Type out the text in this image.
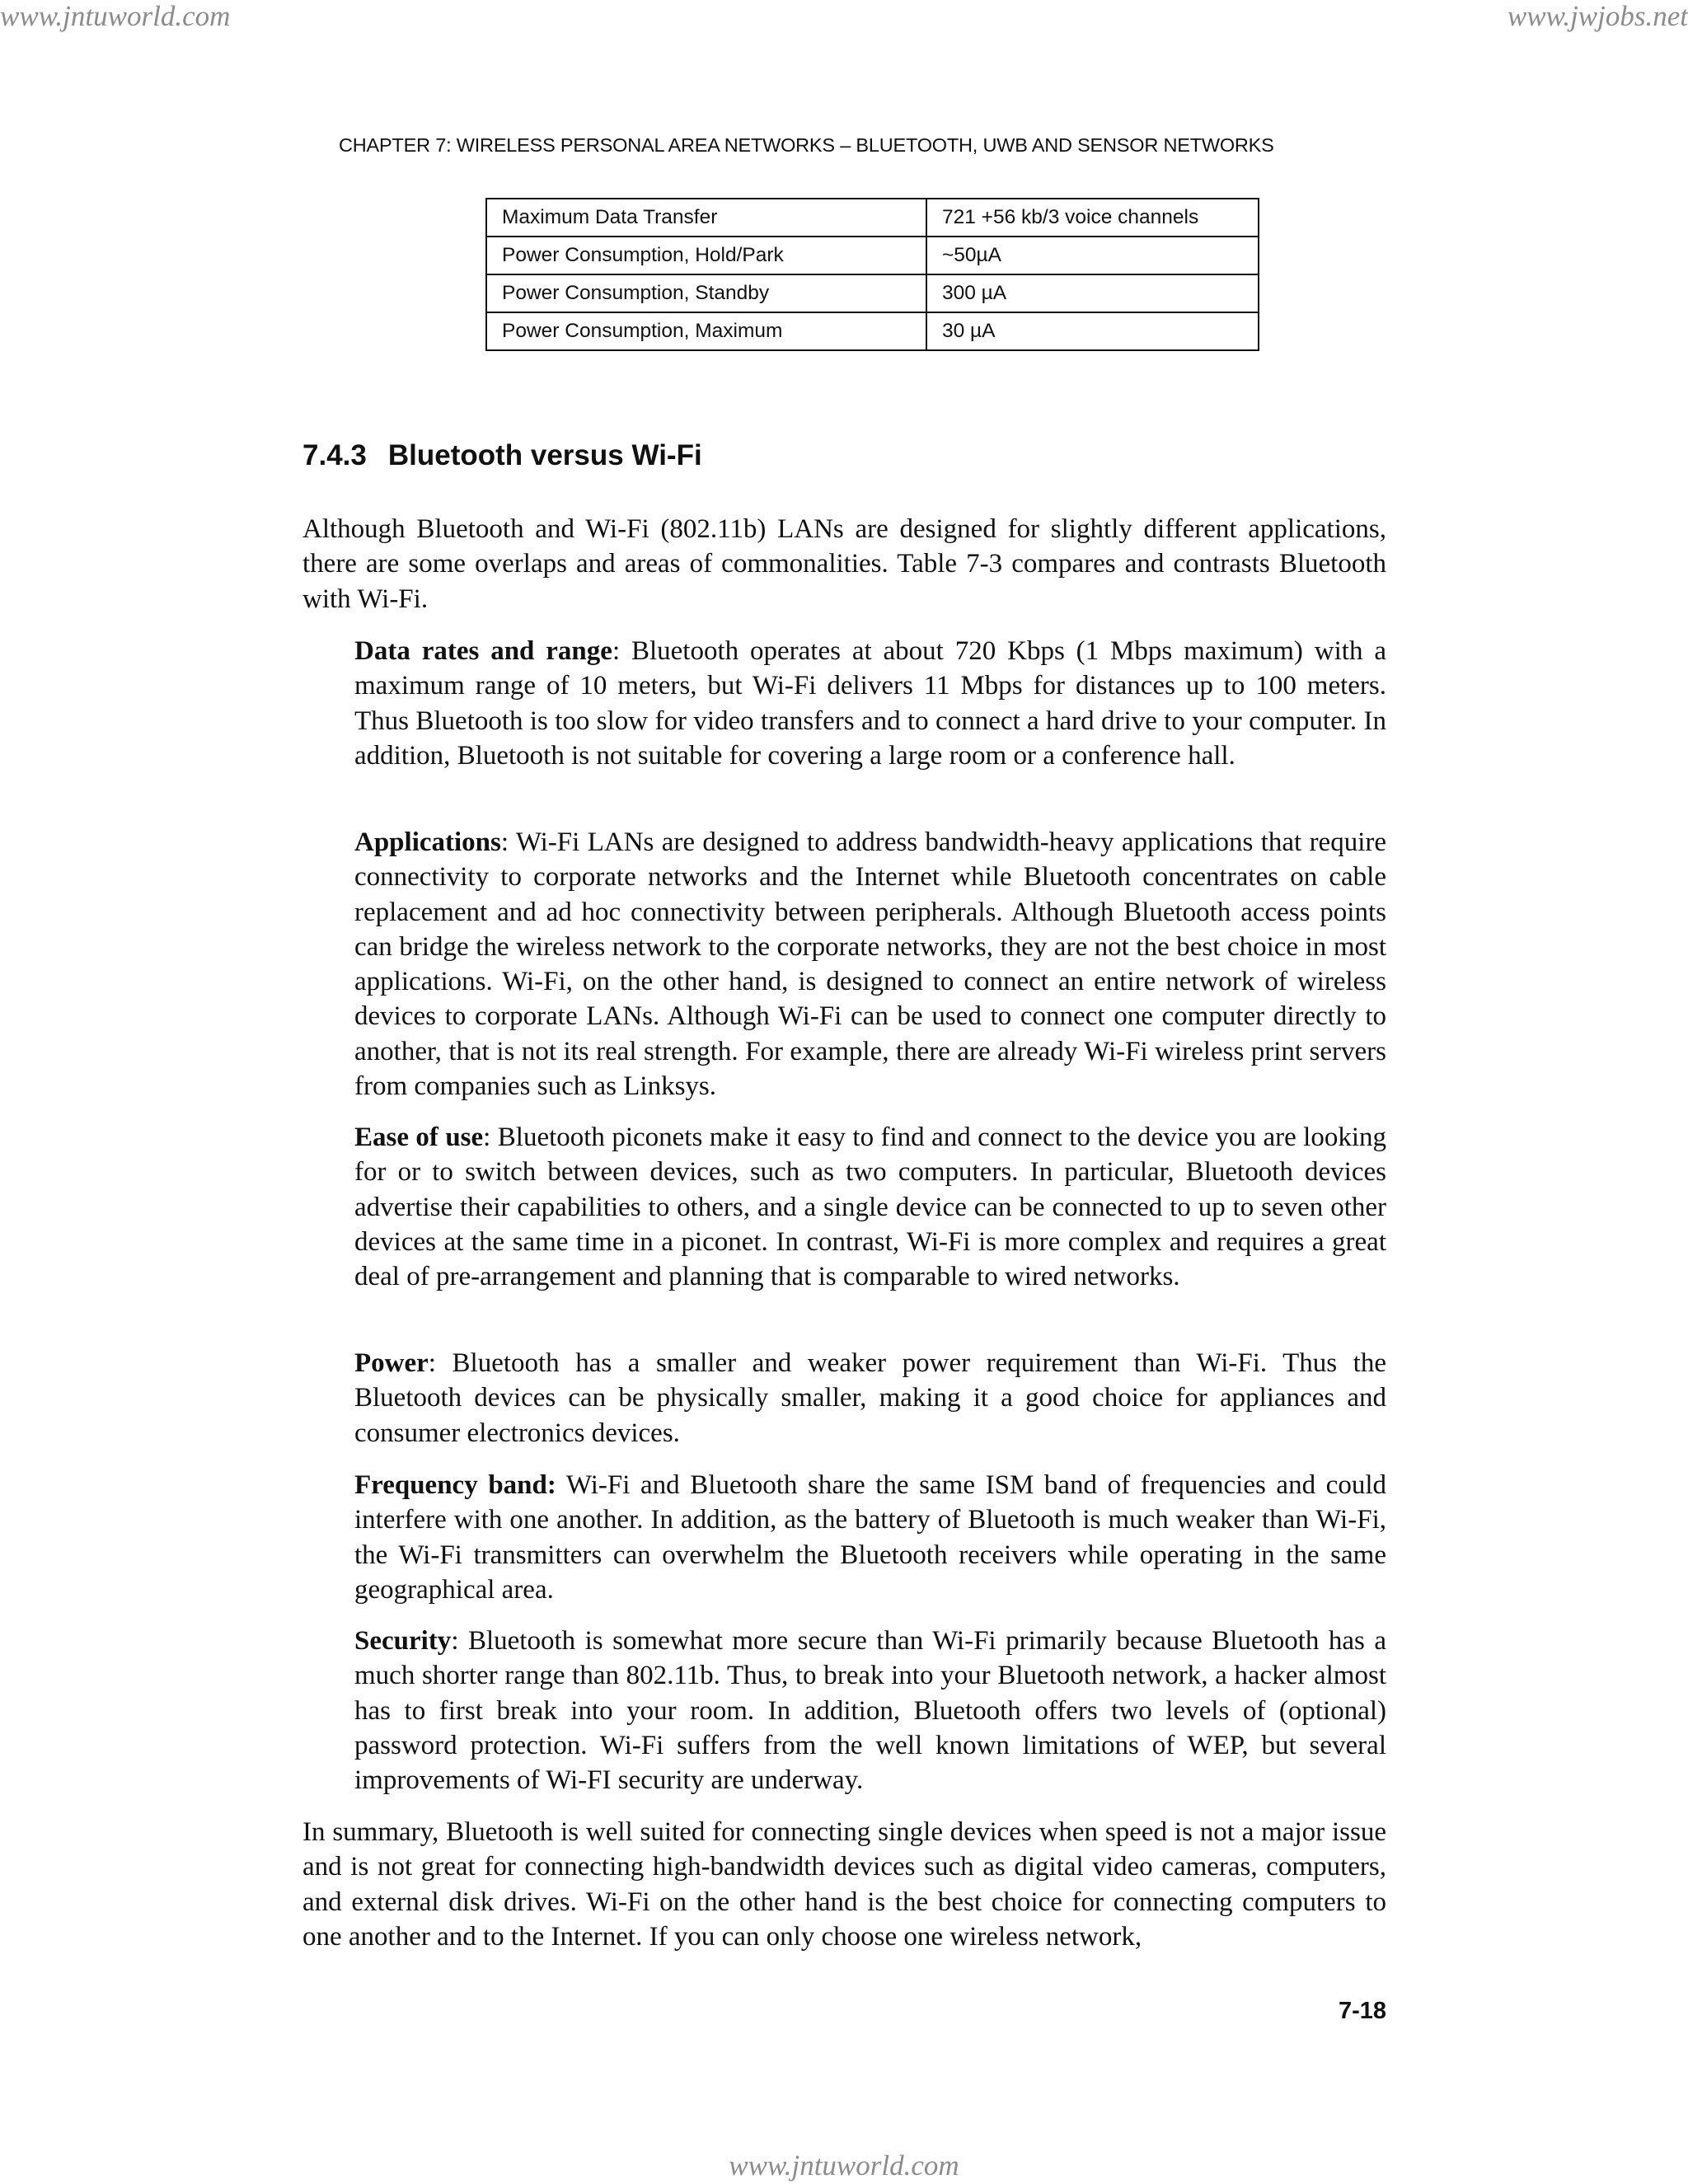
www.jntuworld.com	www.jwjobs.net
CHAPTER 7: WIRELESS PERSONAL AREA NETWORKS – BLUETOOTH, UWB AND SENSOR NETWORKS
Maximum Data Transfer	721 +56 kb/3 voice channels
Power Consumption, Hold/Park	~50µA
Power Consumption, Standby	300 µA
Power Consumption, Maximum	30 µA
7.4.3 Bluetooth versus Wi-Fi

Although Bluetooth and Wi-Fi (802.11b) LANs are designed for slightly different applications, there are some overlaps and areas of commonalities. Table 7-3 compares and contrasts Bluetooth with Wi-Fi.

Data rates and range: Bluetooth operates at about 720 Kbps (1 Mbps maximum) with a maximum range of 10 meters, but Wi-Fi delivers 11 Mbps for distances up to 100 meters. Thus Bluetooth is too slow for video transfers and to connect a hard drive to your computer. In addition, Bluetooth is not suitable for covering a large room or a conference hall.

Applications: Wi-Fi LANs are designed to address bandwidth-heavy applications that require connectivity to corporate networks and the Internet while Bluetooth concentrates on cable replacement and ad hoc connectivity between peripherals. Although Bluetooth access points can bridge the wireless network to the corporate networks, they are not the best choice in most applications. Wi-Fi, on the other hand, is designed to connect an entire network of wireless devices to corporate LANs. Although Wi-Fi can be used to connect one computer directly to another, that is not its real strength. For example, there are already Wi-Fi wireless print servers from companies such as Linksys.

Ease of use: Bluetooth piconets make it easy to find and connect to the device you are looking for or to switch between devices, such as two computers. In particular, Bluetooth devices advertise their capabilities to others, and a single device can be connected to up to seven other devices at the same time in a piconet. In contrast, Wi-Fi is more complex and requires a great deal of pre-arrangement and planning that is comparable to wired networks.

Power: Bluetooth has a smaller and weaker power requirement than Wi-Fi. Thus the Bluetooth devices can be physically smaller, making it a good choice for appliances and consumer electronics devices.

Frequency band: Wi-Fi and Bluetooth share the same ISM band of frequencies and could interfere with one another. In addition, as the battery of Bluetooth is much weaker than Wi-Fi, the Wi-Fi transmitters can overwhelm the Bluetooth receivers while operating in the same geographical area.

Security: Bluetooth is somewhat more secure than Wi-Fi primarily because Bluetooth has a much shorter range than 802.11b. Thus, to break into your Bluetooth network, a hacker almost has to first break into your room. In addition, Bluetooth offers two levels of (optional) password protection. Wi-Fi suffers from the well known limitations of WEP, but several improvements of Wi-FI security are underway.

In summary, Bluetooth is well suited for connecting single devices when speed is not a major issue and is not great for connecting high-bandwidth devices such as digital video cameras, computers, and external disk drives. Wi-Fi on the other hand is the best choice for connecting computers to one another and to the Internet. If you can only choose one wireless network,

7-18
www.jntuworld.com
